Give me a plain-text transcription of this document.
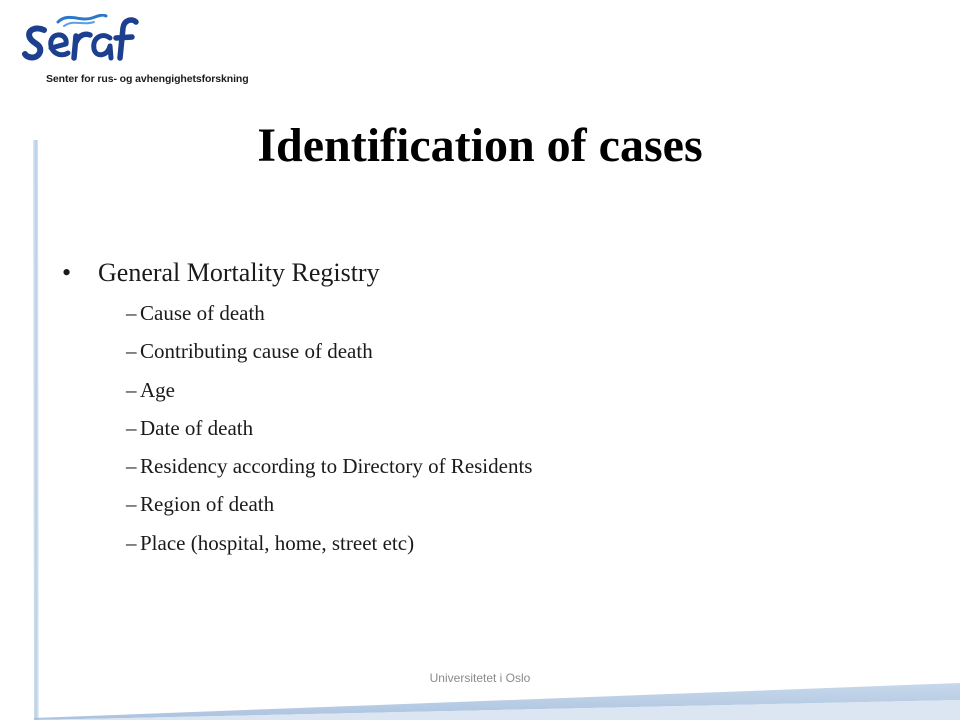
Senter for rus- og avhengighetsforskning
Identification of cases
• General Mortality Registry
– Cause of death
– Contributing cause of death
– Age
– Date of death
– Residency according to Directory of Residents
– Region of death
– Place (hospital, home, street etc)
Universitetet i Oslo
